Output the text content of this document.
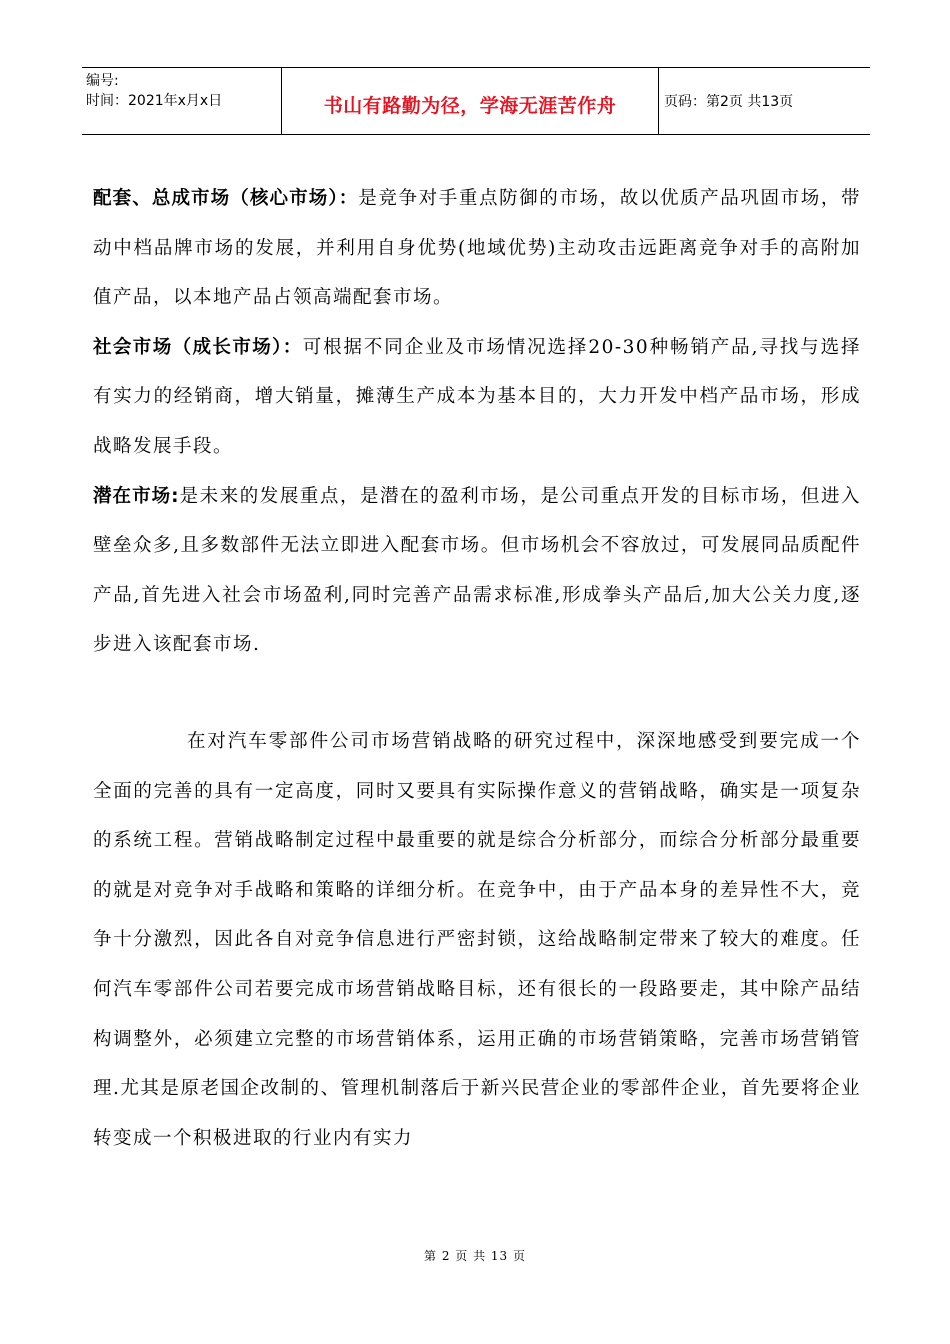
编号:
时间：2021年x月x日	书山有路勤为径，学海无涯苦作舟	页码：第2页 共13页

配套、总成市场（核心市场）：是竞争对手重点防御的市场，故以优质产品巩固市场，带动中档品牌市场的发展，并利用自身优势(地域优势)主动攻击远距离竞争对手的高附加值产品，以本地产品占领高端配套市场。

社会市场（成长市场）：可根据不同企业及市场情况选择20-30种畅销产品,寻找与选择有实力的经销商，增大销量，摊薄生产成本为基本目的，大力开发中档产品市场，形成战略发展手段。

潜在市场:是未来的发展重点，是潜在的盈利市场，是公司重点开发的目标市场，但进入壁垒众多,且多数部件无法立即进入配套市场。但市场机会不容放过，可发展同品质配件产品,首先进入社会市场盈利,同时完善产品需求标准,形成拳头产品后,加大公关力度,逐步进入该配套市场.

在对汽车零部件公司市场营销战略的研究过程中，深深地感受到要完成一个全面的完善的具有一定高度，同时又要具有实际操作意义的营销战略，确实是一项复杂的系统工程。营销战略制定过程中最重要的就是综合分析部分，而综合分析部分最重要的就是对竞争对手战略和策略的详细分析。在竞争中，由于产品本身的差异性不大，竞争十分激烈，因此各自对竞争信息进行严密封锁，这给战略制定带来了较大的难度。任何汽车零部件公司若要完成市场营销战略目标，还有很长的一段路要走，其中除产品结构调整外，必须建立完整的市场营销体系，运用正确的市场营销策略，完善市场营销管理.尤其是原老国企改制的、管理机制落后于新兴民营企业的零部件企业，首先要将企业转变成一个积极进取的行业内有实力

第 2 页 共 13 页
